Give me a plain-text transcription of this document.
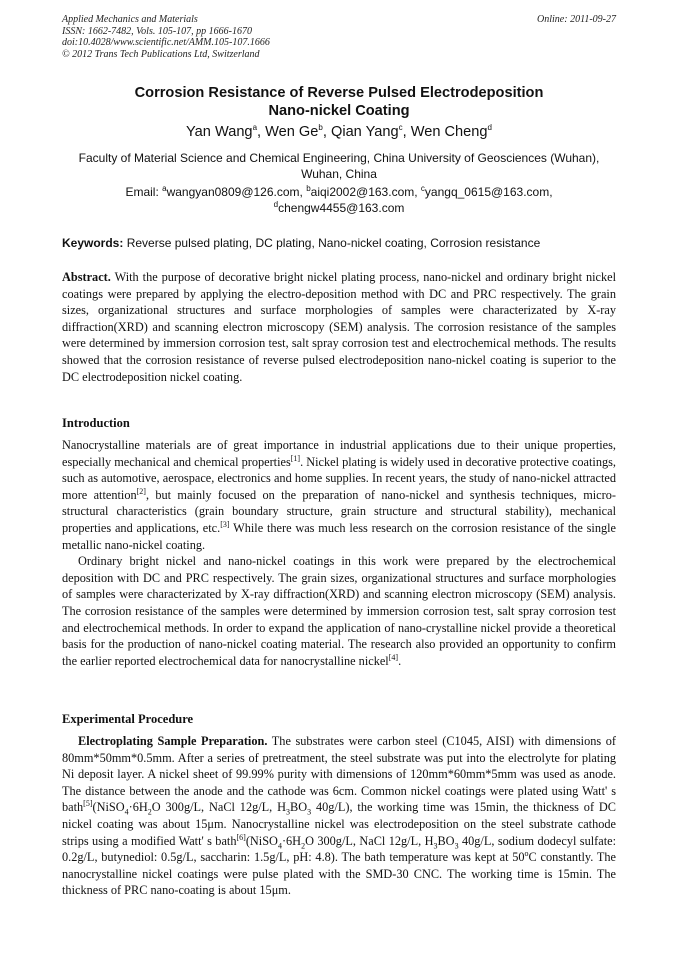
Applied Mechanics and Materials
ISSN: 1662-7482, Vols. 105-107, pp 1666-1670
doi:10.4028/www.scientific.net/AMM.105-107.1666
© 2012 Trans Tech Publications Ltd, Switzerland
Online: 2011-09-27
Corrosion Resistance of Reverse Pulsed Electrodeposition
Nano-nickel Coating
Yan Wang$^a$, Wen Ge$^b$, Qian Yang$^c$, Wen Cheng$^d$
Faculty of Material Science and Chemical Engineering, China University of Geosciences (Wuhan),
Wuhan, China
Email: $^a$wangyan0809@126.com, $^b$aiqi2002@163.com, $^c$yangq_0615@163.com,
$^d$chengw4455@163.com
Keywords: Reverse pulsed plating, DC plating, Nano-nickel coating, Corrosion resistance

Abstract. With the purpose of decorative bright nickel plating process, nano-nickel and ordinary bright nickel coatings were prepared by applying the electro-deposition method with DC and PRC respectively. The grain sizes, organizational structures and surface morphologies of samples were characterizated by X-ray diffraction(XRD) and scanning electron microscopy (SEM) analysis. The corrosion resistance of the samples were determined by immersion corrosion test, salt spray corrosion test and electrochemical methods. The results showed that the corrosion resistance of reverse pulsed electrodeposition nano-nickel coating is superior to the DC electrodeposition nickel coating.

Introduction

Nanocrystalline materials are of great importance in industrial applications due to their unique properties, especially mechanical and chemical properties[1]. Nickel plating is widely used in decorative protective coatings, such as automotive, aerospace, electronics and home supplies. In recent years, the study of nano-nickel attracted more attention[2], but mainly focused on the preparation of nano-nickel and synthesis techniques, micro-structural characteristics (grain boundary structure, grain structure and structural stability), mechanical properties and applications, etc.[3] While there was much less research on the corrosion resistance of the single metallic nano-nickel coating.

Ordinary bright nickel and nano-nickel coatings in this work were prepared by the electrochemical deposition with DC and PRC respectively. The grain sizes, organizational structures and surface morphologies of samples were characterizated by X-ray diffraction(XRD) and scanning electron microscopy (SEM) analysis. The corrosion resistance of the samples were determined by immersion corrosion test, salt spray corrosion test and electrochemical methods. In order to expand the application of nano-crystalline nickel provide a theoretical basis for the production of nano-nickel coating material. The research also provided an opportunity to confirm the earlier reported electrochemical data for nanocrystalline nickel[4].

Experimental Procedure

Electroplating Sample Preparation. The substrates were carbon steel (C1045, AISI) with dimensions of 80mm*50mm*0.5mm. After a series of pretreatment, the steel substrate was put into the electrolyte for plating Ni deposit layer. A nickel sheet of 99.99% purity with dimensions of 120mm*60mm*5mm was used as anode. The distance between the anode and the cathode was 6cm. Common nickel coatings were plated using Watt' s $bath[5](NiSO_4\cdot 6H_2O$ 300g/L, NaCl 12g/L, $H_3BO_3$ 40g/L), the working time was 15min, the thickness of DC nickel coating was about 15μm. Nanocrystalline nickel was electrodeposition on the steel substrate cathode strips using a modified Watt' s $bath[6](NiSO_4\cdot 6H_2O$ 300g/L, NaCl 12g/L, $H_3BO_3$ 40g/L, sodium dodecyl sulfate: 0.2g/L, butynediol: 0.5g/L, saccharin: 1.5g/L, pH: 4.8). The bath temperature was kept at 50$^o$C constantly. The nanocrystalline nickel coatings were pulse plated with the SMD-30 CNC. The working time is 15min. The thickness of PRC nano-coating is about 15μm.
